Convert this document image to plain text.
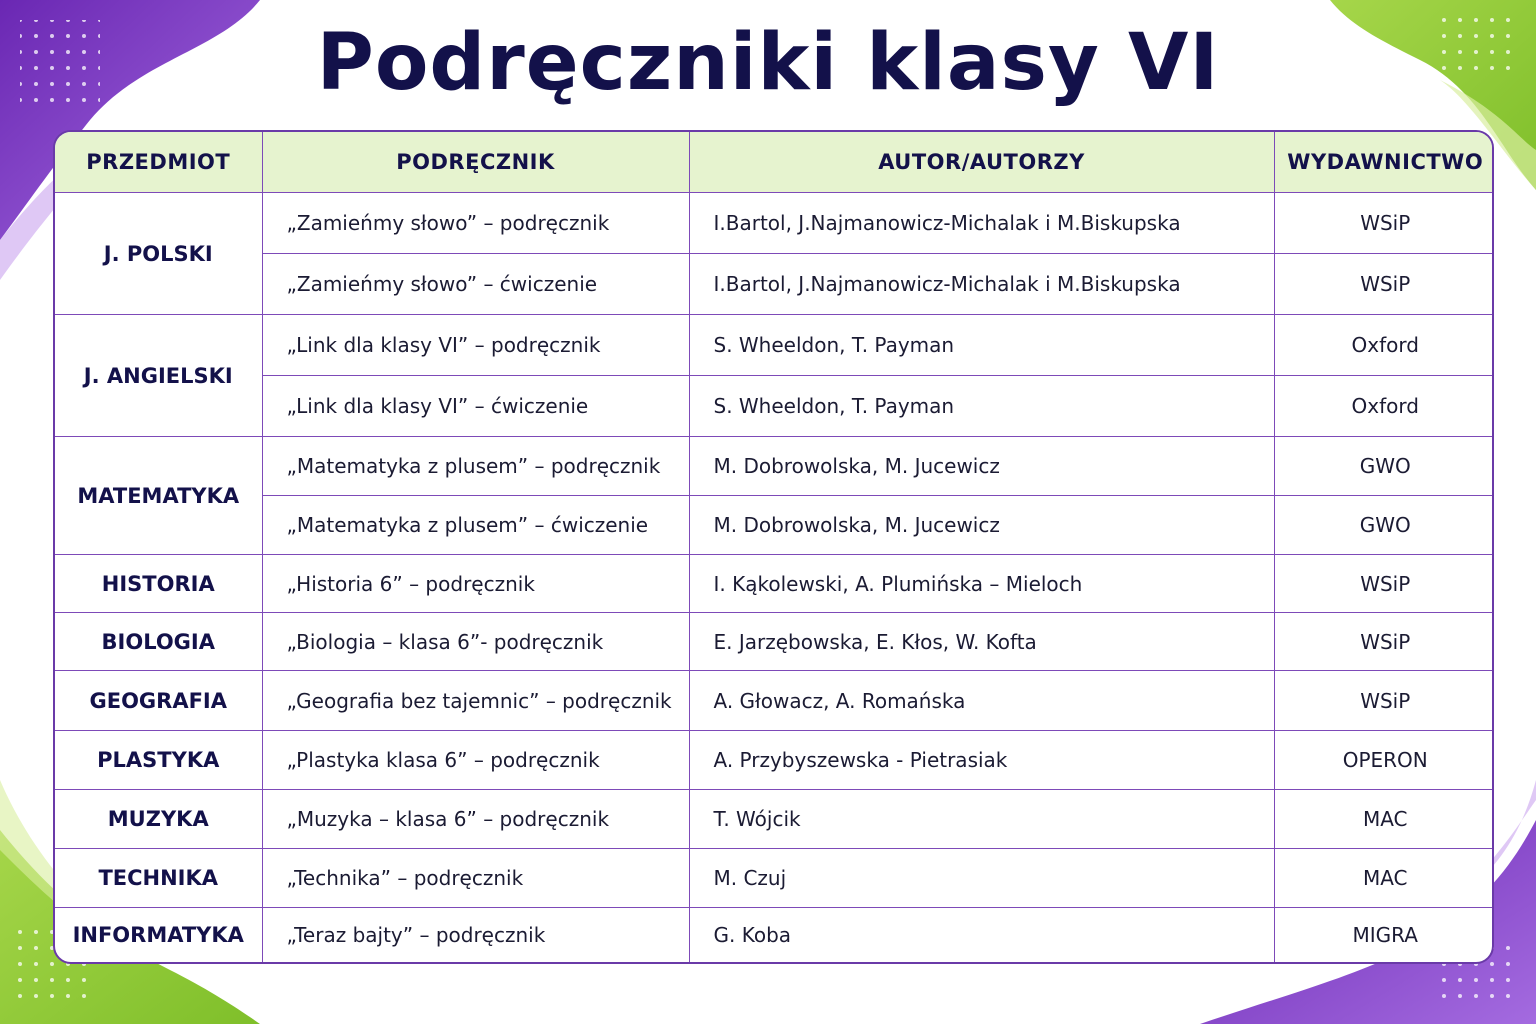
Podręczniki klasy VI
PRZEDMIOT	PODRĘCZNIK	AUTOR/AUTORZY	WYDAWNICTWO
J. POLSKI	„Zamieńmy słowo” – podręcznik	I.Bartol, J.Najmanowicz-Michalak i M.Biskupska	WSiP
	„Zamieńmy słowo” – ćwiczenie	I.Bartol, J.Najmanowicz-Michalak i M.Biskupska	WSiP
J. ANGIELSKI	„Link dla klasy VI” – podręcznik	S. Wheeldon, T. Payman	Oxford
	„Link dla klasy VI” – ćwiczenie	S. Wheeldon, T. Payman	Oxford
MATEMATYKA	„Matematyka z plusem” – podręcznik	M. Dobrowolska, M. Jucewicz	GWO
	„Matematyka z plusem” – ćwiczenie	M. Dobrowolska, M. Jucewicz	GWO
HISTORIA	„Historia 6” – podręcznik	I. Kąkolewski, A. Plumińska – Mieloch	WSiP
BIOLOGIA	„Biologia – klasa 6”- podręcznik	E. Jarzębowska, E. Kłos, W. Kofta	WSiP
GEOGRAFIA	„Geografia bez tajemnic” – podręcznik	A. Głowacz, A. Romańska	WSiP
PLASTYKA	„Plastyka klasa 6” – podręcznik	A. Przybyszewska - Pietrasiak	OPERON
MUZYKA	„Muzyka – klasa 6” – podręcznik	T. Wójcik	MAC
TECHNIKA	„Technika” – podręcznik	M. Czuj	MAC
INFORMATYKA	„Teraz bajty” – podręcznik	G. Koba	MIGRA
